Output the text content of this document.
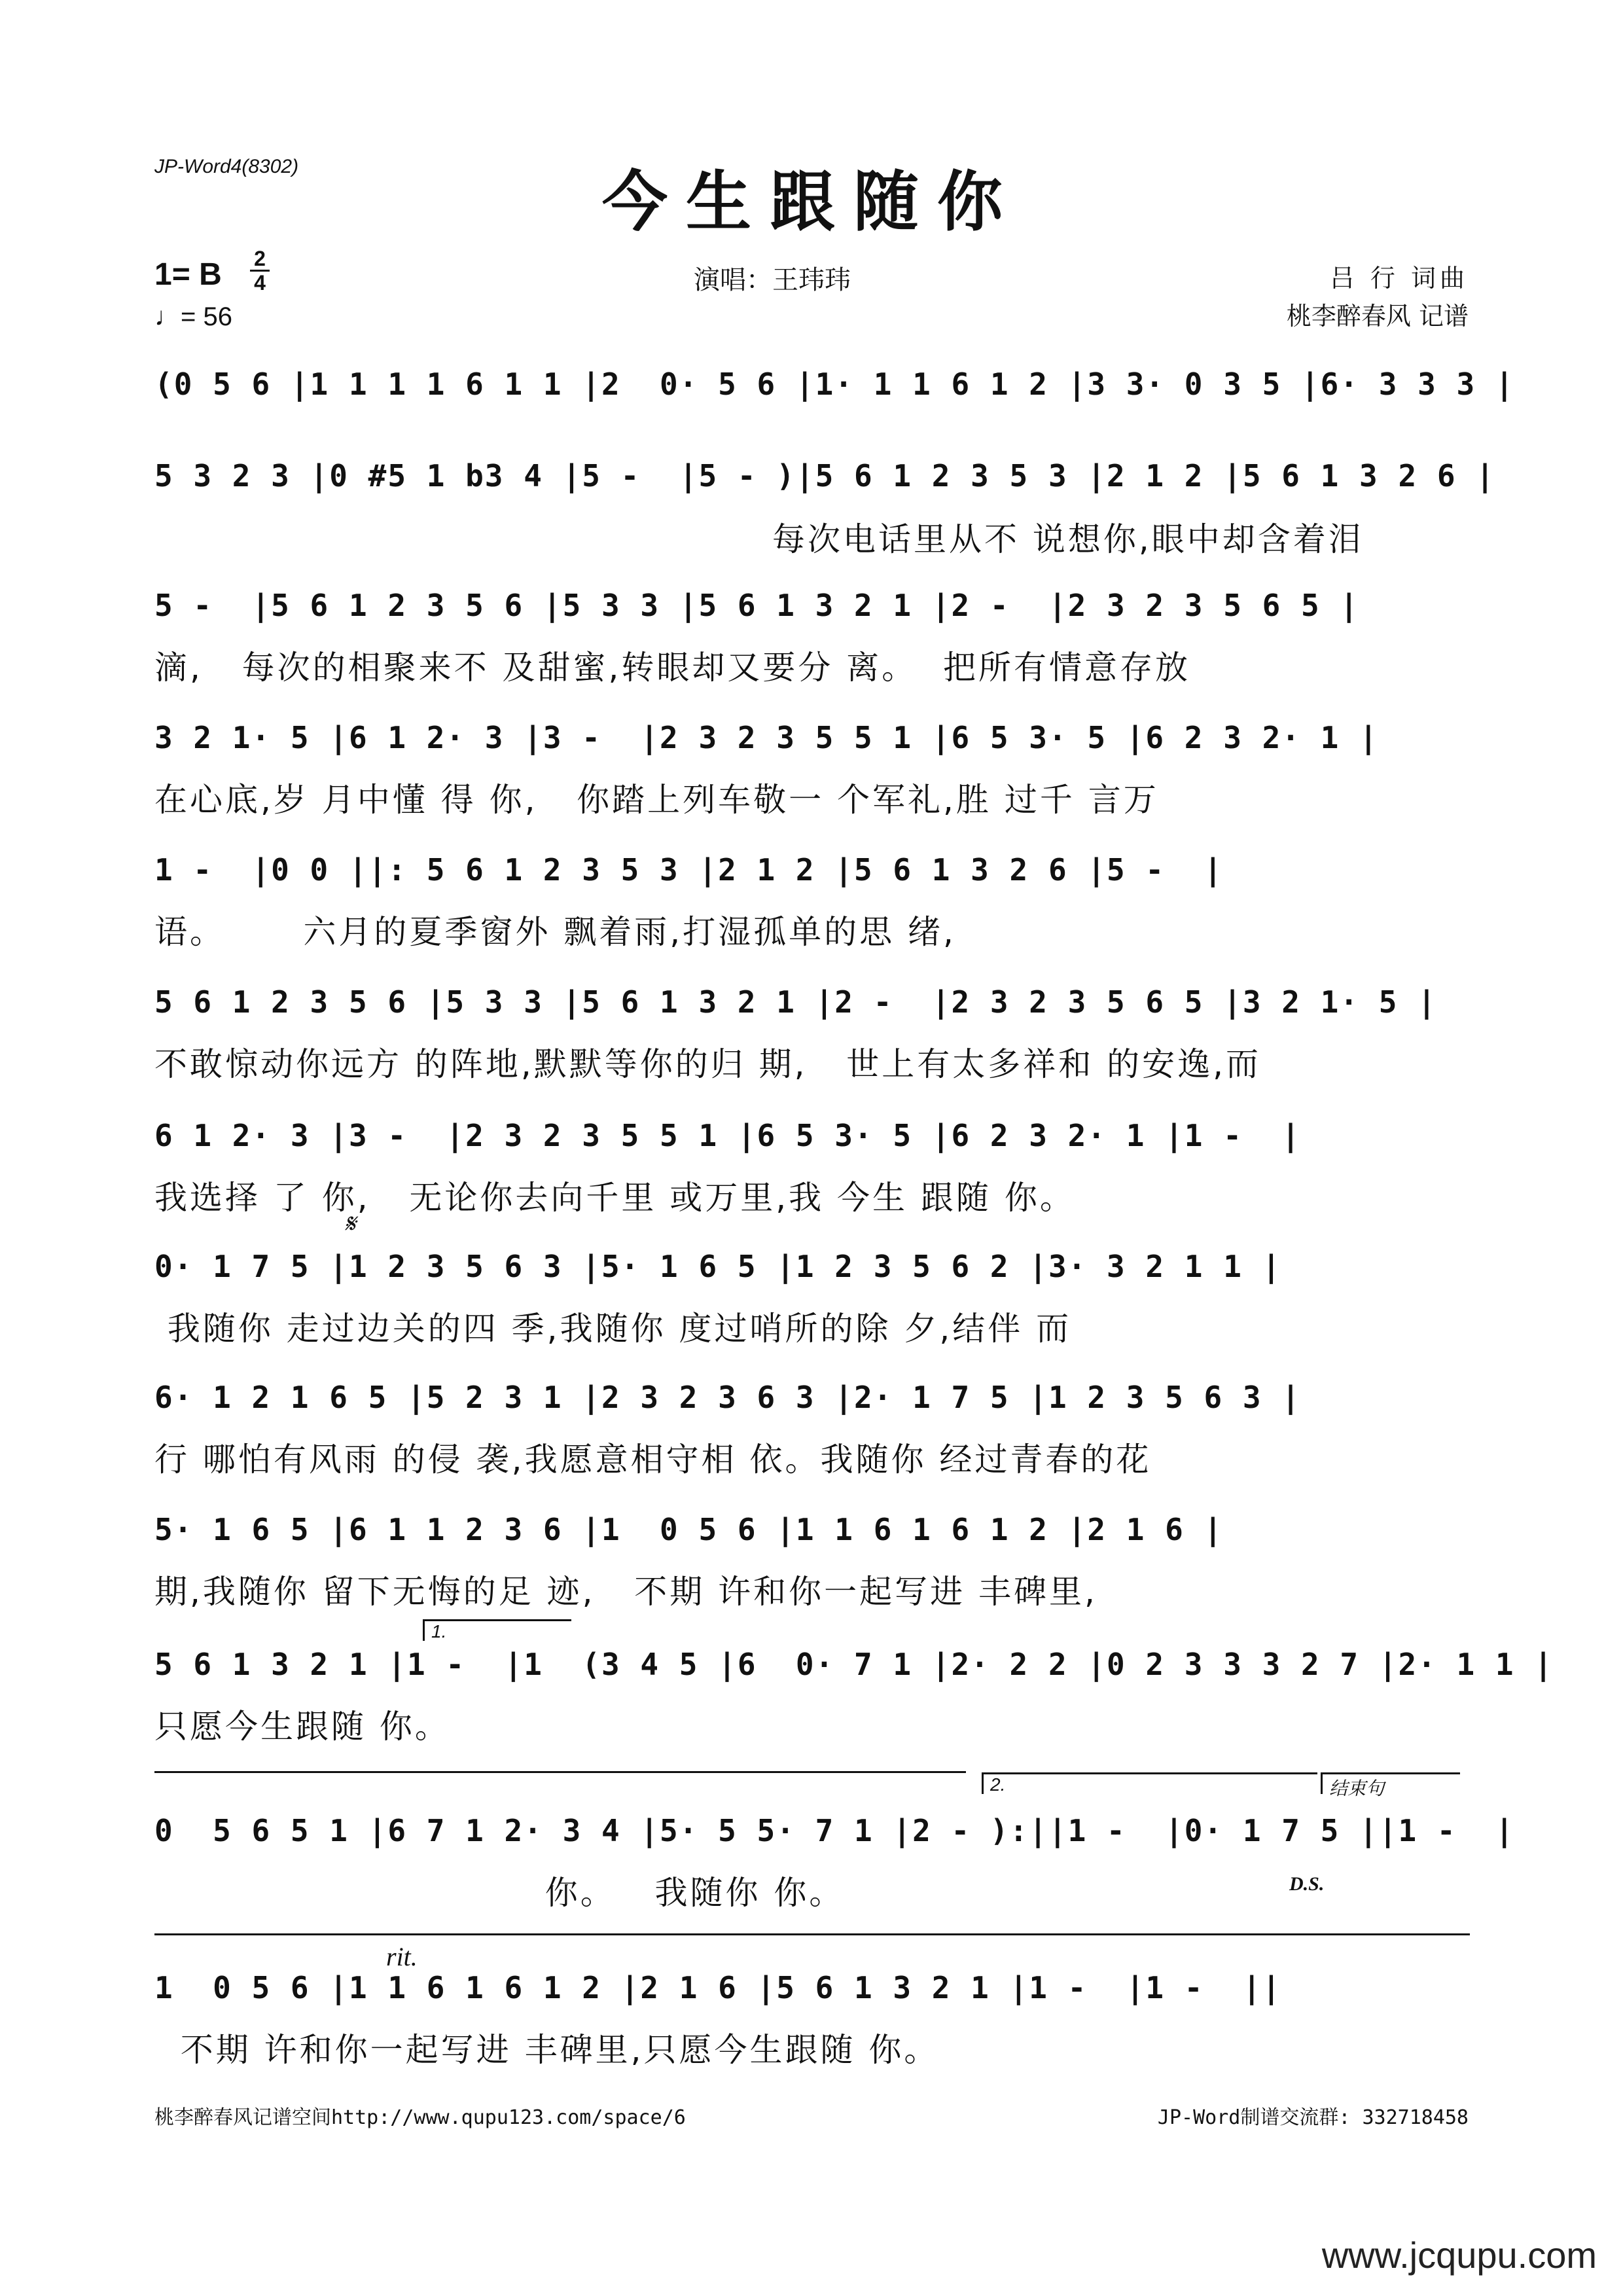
JP-Word4(8302)	今生跟随你
1= B 2
4
♩= 56
演唱：王玮玮	吕 行 词曲
桃李醉春风 记谱
(0 5 6 |1 1 1 1 6 1 1 |2  0· 5 6 |1· 1 1 6 1 2 |3 3· 0 3 5 |6· 3 3 3 |
5 3 2 3 |0 #5 1 b3 4 |5 -  |5 - )|5 6 1 2 3 5 3 |2 1 2 |5 6 1 3 2 6 |
每次电话里从不 说想你,眼中却含着泪
5 -  |5 6 1 2 3 5 6 |5 3 3 |5 6 1 3 2 1 |2 -  |2 3 2 3 5 6 5 |
滴,   每次的相聚来不 及甜蜜,转眼却又要分 离。  把所有情意存放
3 2 1· 5 |6 1 2· 3 |3 -  |2 3 2 3 5 5 1 |6 5 3· 5 |6 2 3 2· 1 |
在心底,岁 月中懂 得 你,   你踏上列车敬一 个军礼,胜 过千 言万
1 -  |0 0 ||: 5 6 1 2 3 5 3 |2 1 2 |5 6 1 3 2 6 |5 -  |
语。      六月的夏季窗外 飘着雨,打湿孤单的思 绪,
5 6 1 2 3 5 6 |5 3 3 |5 6 1 3 2 1 |2 -  |2 3 2 3 5 6 5 |3 2 1· 5 |
不敢惊动你远方 的阵地,默默等你的归 期,   世上有太多祥和 的安逸,而
6 1 2· 3 |3 -  |2 3 2 3 5 5 1 |6 5 3· 5 |6 2 3 2· 1 |1 -  |
我选择 了 你,   无论你去向千里 或万里,我 今生 跟随 你。
𝄋
0· 1 7 5 |1 2 3 5 6 3 |5· 1 6 5 |1 2 3 5 6 2 |3· 3 2 1 1 |
我随你 走过边关的四 季,我随你 度过哨所的除 夕,结伴 而
6· 1 2 1 6 5 |5 2 3 1 |2 3 2 3 6 3 |2· 1 7 5 |1 2 3 5 6 3 |
行 哪怕有风雨 的侵 袭,我愿意相守相 依。我随你 经过青春的花
5· 1 6 5 |6 1 1 2 3 6 |1  0 5 6 |1 1 6 1 6 1 2 |2 1 6 |
期,我随你 留下无悔的足 迹,   不期 许和你一起写进 丰碑里,
1.
5 6 1 3 2 1 |1 -  |1  (3 4 5 |6  0· 7 1 |2· 2 2 |0 2 3 3 3 2 7 |2· 1 1 |
只愿今生跟随 你。
2.	结束句
0  5 6 5 1 |6 7 1 2· 3 4 |5· 5 5· 7 1 |2 - ):||1 -  |0· 1 7 5 ||1 -  |
你。   我随你 你。	D.S.
rit.
1  0 5 6 |1 1 6 1 6 1 2 |2 1 6 |5 6 1 3 2 1 |1 -  |1 -  ||
不期 许和你一起写进 丰碑里,只愿今生跟随 你。
桃李醉春风记谱空间http://www.qupu123.com/space/6	JP-Word制谱交流群: 332718458
www.jcqupu.com
